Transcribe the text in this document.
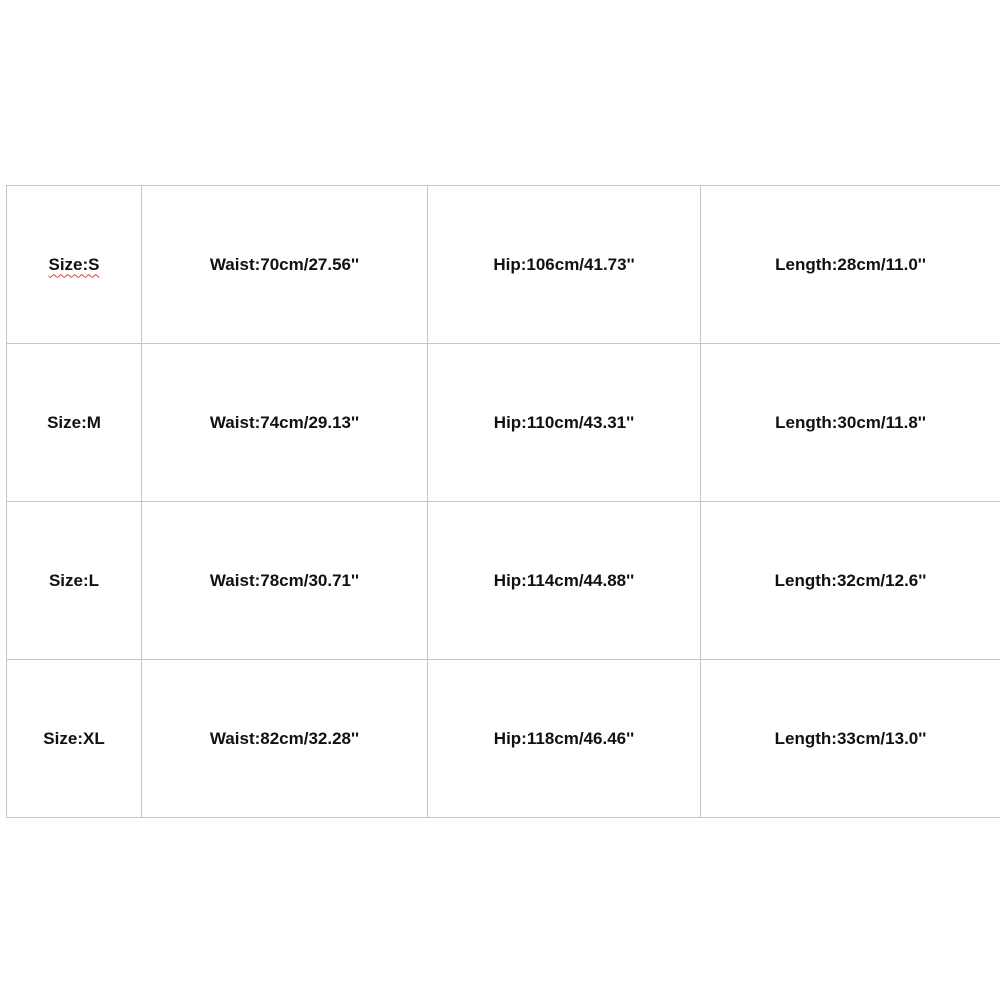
Size:S	Waist:70cm/27.56''	Hip:106cm/41.73''	Length:28cm/11.0''
Size:M	Waist:74cm/29.13''	Hip:110cm/43.31''	Length:30cm/11.8''
Size:L	Waist:78cm/30.71''	Hip:114cm/44.88''	Length:32cm/12.6''
Size:XL	Waist:82cm/32.28''	Hip:118cm/46.46''	Length:33cm/13.0''
